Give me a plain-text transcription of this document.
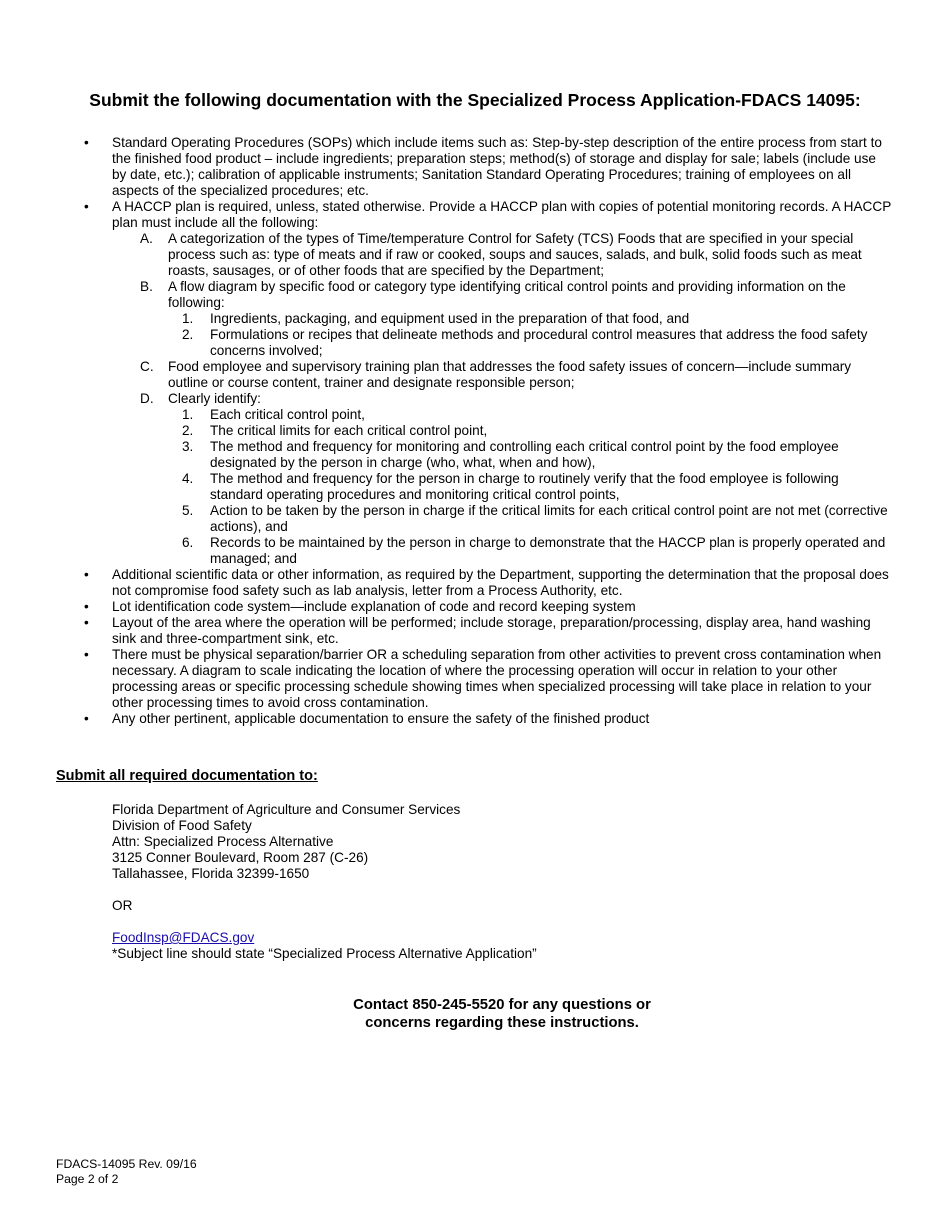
Submit the following documentation with the Specialized Process Application-FDACS 14095:
• Standard Operating Procedures (SOPs) which include items such as: Step-by-step description of the entire process from start to the finished food product – include ingredients; preparation steps; method(s) of storage and display for sale; labels (include use by date, etc.); calibration of applicable instruments; Sanitation Standard Operating Procedures; training of employees on all aspects of the specialized procedures; etc.
• A HACCP plan is required, unless, stated otherwise. Provide a HACCP plan with copies of potential monitoring records. A HACCP plan must include all the following:
A. A categorization of the types of Time/temperature Control for Safety (TCS) Foods that are specified in your special process such as: type of meats and if raw or cooked, soups and sauces, salads, and bulk, solid foods such as meat roasts, sausages, or of other foods that are specified by the Department;
B. A flow diagram by specific food or category type identifying critical control points and providing information on the following:
1. Ingredients, packaging, and equipment used in the preparation of that food, and
2. Formulations or recipes that delineate methods and procedural control measures that address the food safety concerns involved;
C. Food employee and supervisory training plan that addresses the food safety issues of concern—include summary outline or course content, trainer and designate responsible person;
D. Clearly identify:
1. Each critical control point,
2. The critical limits for each critical control point,
3. The method and frequency for monitoring and controlling each critical control point by the food employee designated by the person in charge (who, what, when and how),
4. The method and frequency for the person in charge to routinely verify that the food employee is following standard operating procedures and monitoring critical control points,
5. Action to be taken by the person in charge if the critical limits for each critical control point are not met (corrective actions), and
6. Records to be maintained by the person in charge to demonstrate that the HACCP plan is properly operated and managed; and
• Additional scientific data or other information, as required by the Department, supporting the determination that the proposal does not compromise food safety such as lab analysis, letter from a Process Authority, etc.
• Lot identification code system—include explanation of code and record keeping system
• Layout of the area where the operation will be performed; include storage, preparation/processing, display area, hand washing sink and three-compartment sink, etc.
• There must be physical separation/barrier OR a scheduling separation from other activities to prevent cross contamination when necessary. A diagram to scale indicating the location of where the processing operation will occur in relation to your other processing areas or specific processing schedule showing times when specialized processing will take place in relation to your other processing times to avoid cross contamination.
• Any other pertinent, applicable documentation to ensure the safety of the finished product
Submit all required documentation to:
Florida Department of Agriculture and Consumer Services
Division of Food Safety
Attn: Specialized Process Alternative
3125 Conner Boulevard, Room 287 (C-26)
Tallahassee, Florida 32399-1650
OR
FoodInsp@FDACS.gov
*Subject line should state “Specialized Process Alternative Application”
Contact 850-245-5520 for any questions or
concerns regarding these instructions.
FDACS-14095 Rev. 09/16
Page 2 of 2
